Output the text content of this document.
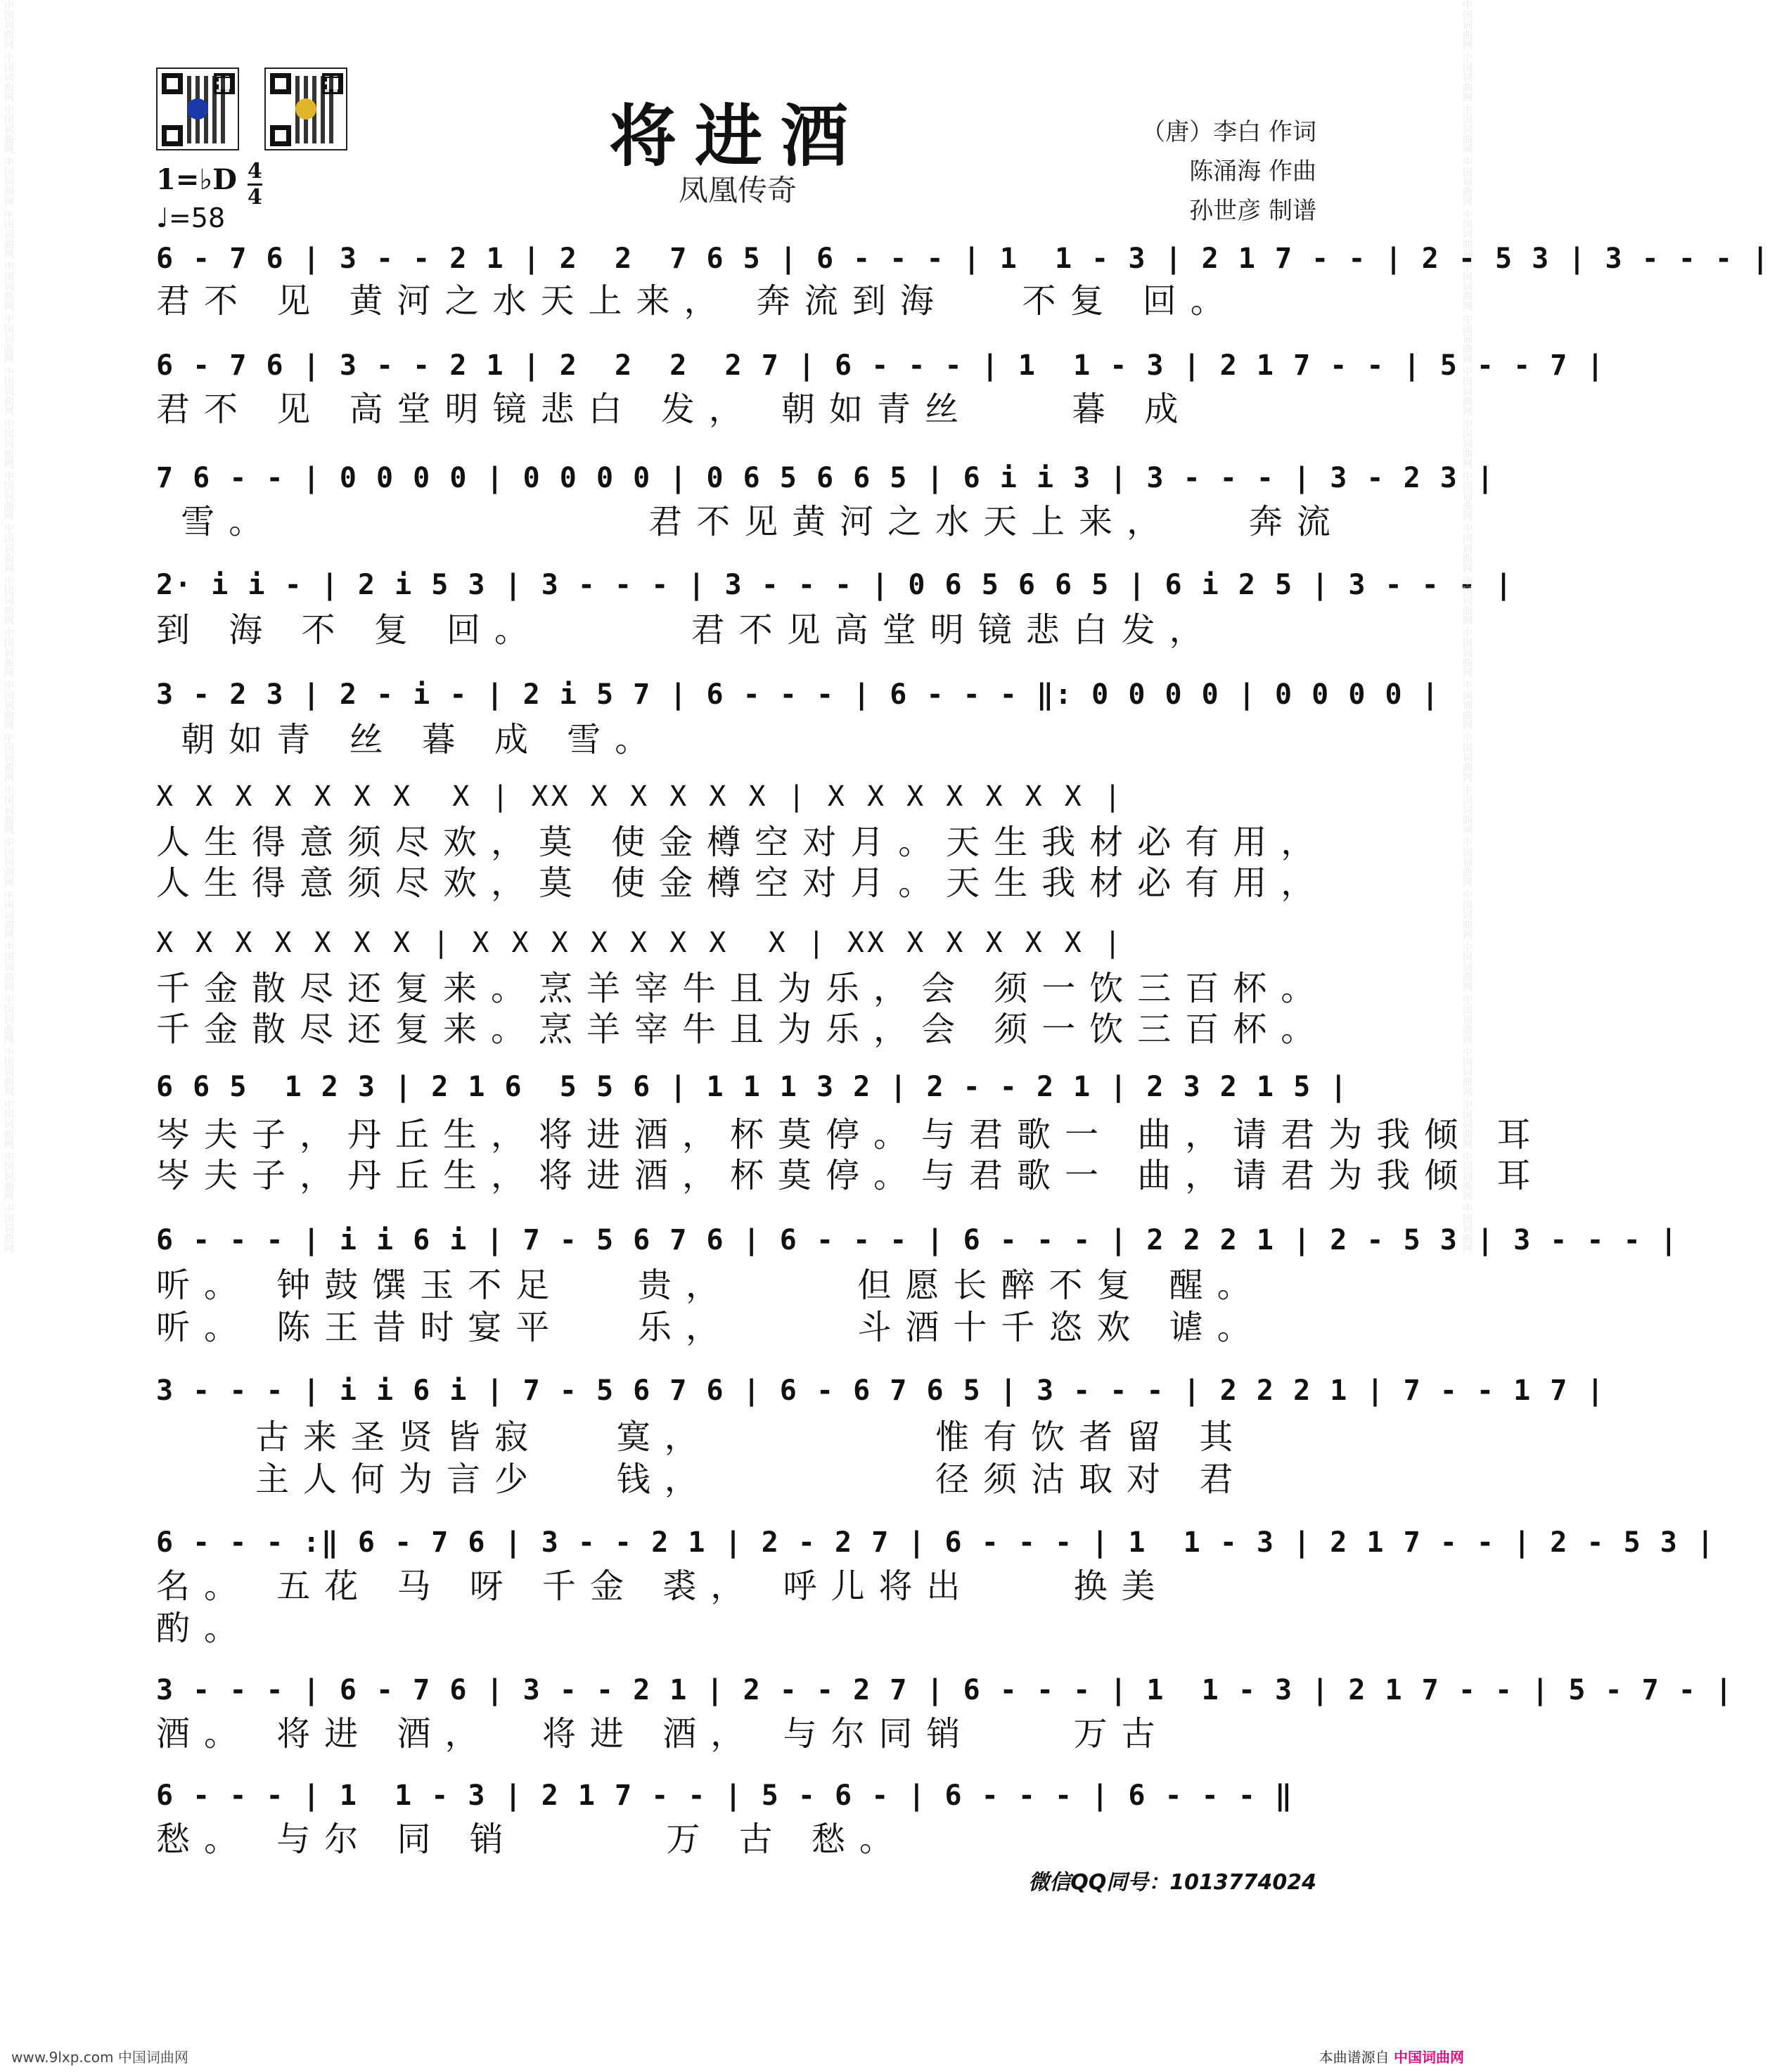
将进酒
凤凰传奇
（唐）李白 作词
陈涌海 作曲
孙世彦 制谱
1=♭D 4
4
♩=58
6 - 7 6 | 3 - - 2 1 | 2  2  7 6 5 | 6 - - - | 1  1 - 3 | 2 1 7 - - | 2 - 5 3 | 3 - - - |
君不 见 黄河之水天上来， 奔流到海   不复 回。
6 - 7 6 | 3 - - 2 1 | 2  2  2  2 7 | 6 - - - | 1  1 - 3 | 2 1 7 - - | 5 - - 7 |
君不 见 高堂明镜悲白 发， 朝如青丝    暮 成
7 6 - - | 0 0 0 0 | 0 0 0 0 | 0 6 5 6 6 5 | 6 i i 3 | 3 - - - | 3 - 2 3 |
雪。               君不见黄河之水天上来，   奔流
2· i i - | 2 i 5 3 | 3 - - - | 3 - - - | 0 6 5 6 6 5 | 6 i 2 5 | 3 - - - |
到 海 不 复 回。      君不见高堂明镜悲白发，
3 - 2 3 | 2 - i - | 2 i 5 7 | 6 - - - | 6 - - - ‖: 0 0 0 0 | 0 0 0 0 |
朝如青 丝 暮 成 雪。
X X X X X X X  X | XX X X X X X | X X X X X X X |
人生得意须尽欢，莫 使金樽空对月。天生我材必有用，
人生得意须尽欢，莫 使金樽空对月。天生我材必有用，
X X X X X X X | X X X X X X X  X | XX X X X X X |
千金散尽还复来。烹羊宰牛且为乐，会 须一饮三百杯。
千金散尽还复来。烹羊宰牛且为乐，会 须一饮三百杯。
6 6 5  1 2 3 | 2 1 6  5 5 6 | 1 1 1 3 2 | 2 - - 2 1 | 2 3 2 1 5 |
岑夫子，丹丘生，将进酒，杯莫停。与君歌一 曲，请君为我倾 耳
岑夫子，丹丘生，将进酒，杯莫停。与君歌一 曲，请君为我倾 耳
6 - - - | i i 6 i | 7 - 5 6 7 6 | 6 - - - | 6 - - - | 2 2 2 1 | 2 - 5 3 | 3 - - - |
听。 钟鼓馔玉不足   贵，     但愿长醉不复 醒。
听。 陈王昔时宴平   乐，     斗酒十千恣欢 谑。
3 - - - | i i 6 i | 7 - 5 6 7 6 | 6 - 6 7 6 5 | 3 - - - | 2 2 2 1 | 7 - - 1 7 |
古来圣贤皆寂   寞，         惟有饮者留 其
主人何为言少   钱，         径须沽取对 君
6 - - - :‖ 6 - 7 6 | 3 - - 2 1 | 2 - 2 7 | 6 - - - | 1  1 - 3 | 2 1 7 - - | 2 - 5 3 |
名。 五花 马 呀 千金 裘， 呼儿将出    换美
酌。
3 - - - | 6 - 7 6 | 3 - - 2 1 | 2 - - 2 7 | 6 - - - | 1  1 - 3 | 2 1 7 - - | 5 - 7 - |
酒。 将进 酒，  将进 酒， 与尔同销    万古
6 - - - | 1  1 - 3 | 2 1 7 - - | 5 - 6 - | 6 - - - | 6 - - - ‖
愁。 与尔 同 销      万 古 愁。
微信QQ同号：1013774024
中国词曲网 中国词曲网 中国词曲网 中国词曲网 中国词曲网 中国词曲网 中国词曲网 中国词曲网 中国词曲网 中国词曲网 中国词曲网 中国词曲网 中国词曲网 中国词曲网 中国词曲网 中国词曲网 中国词曲网 中国词曲网 中国词曲网 中国词曲网 中国词曲网 中国词曲网 中国词曲网 中国词曲网	中国词曲网 中国词曲网 中国词曲网 中国词曲网 中国词曲网 中国词曲网 中国词曲网 中国词曲网 中国词曲网 中国词曲网 中国词曲网 中国词曲网 中国词曲网 中国词曲网 中国词曲网 中国词曲网 中国词曲网 中国词曲网 中国词曲网 中国词曲网 中国词曲网 中国词曲网 中国词曲网 中国词曲网
www.9lxp.com 中国词曲网	本曲谱源自 中国词曲网
